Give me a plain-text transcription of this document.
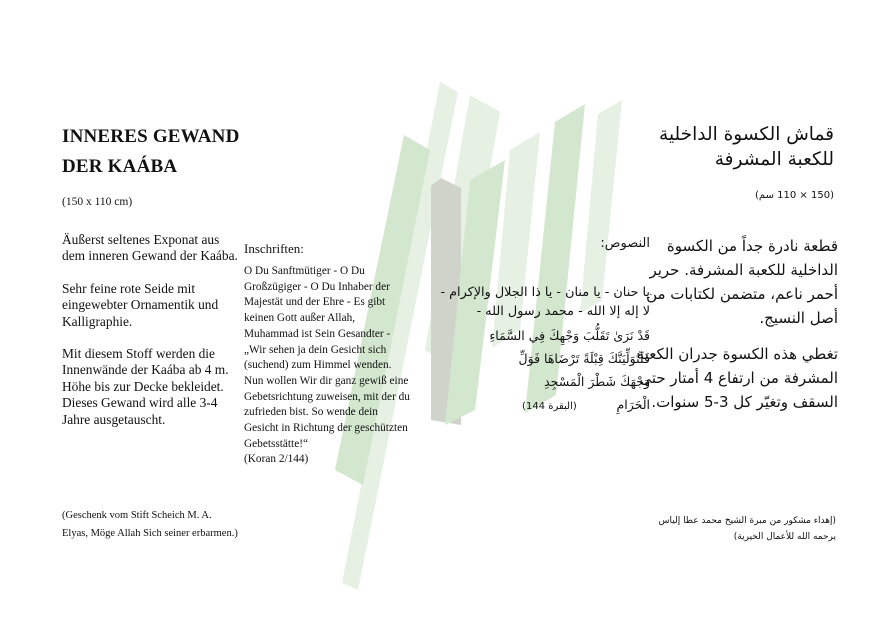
INNERES GEWAND
DER KAÁBA
(150 x 110 cm)

Äußerst seltenes Exponat aus dem inneren Gewand der Kaába.

Sehr feine rote Seide mit eingewebter Ornamentik und Kalligraphie.

Mit diesem Stoff werden die Innenwände der Kaába ab 4 m. Höhe bis zur Decke bekleidet.

Dieses Gewand wird alle 3-4 Jahre ausgetauscht.

(Geschenk vom Stift Scheich M. A. Elyas, Möge Allah Sich seiner erbarmen.)
Inschriften:

O Du Sanftmütiger - O Du Großzügiger - O Du Inhaber der Majestät und der Ehre - Es gibt keinen Gott außer Allah, Muhammad ist Sein Gesandter -

„Wir sehen ja dein Gesicht sich (suchend) zum Himmel wenden. Nun wollen Wir dir ganz gewiß eine Gebetsrichtung zuweisen, mit der du zufrieden bist. So wende dein Gesicht in Richtung der geschützten Gebetsstätte!“

(Koran 2/144)

قماش الكسوة الداخلية
للكعبة المشرفة
(150 × 110 سم)

قطعة نادرة جداً من الكسوة الداخلية للكعبة المشرفة. حرير أحمر ناعم، متضمن لكتابات من أصل النسيج.

تغطي هذه الكسوة جدران الكعبة المشرفة من ارتفاع 4 أمتار حتى السقف وتغيّر كل 3-5 سنوات.

(إهداء مشكور من مبرة الشيخ محمد عطا إلياس يرحمه الله للأعمال الخيرية)
النصوص:

يا حنان - يا منان - يا ذا الجلال والإكرام - لا إله إلا الله - محمد رسول الله -

قَدْ نَرَىٰ تَقَلُّبَ وَجْهِكَ فِي السَّمَاءِ
فَلَنُوَلِّيَنَّكَ قِبْلَةً تَرْضَاهَا فَوَلِّ
وَجْهَكَ شَطْرَ الْمَسْجِدِ
الْحَرَامِ          (البقرة 144)
